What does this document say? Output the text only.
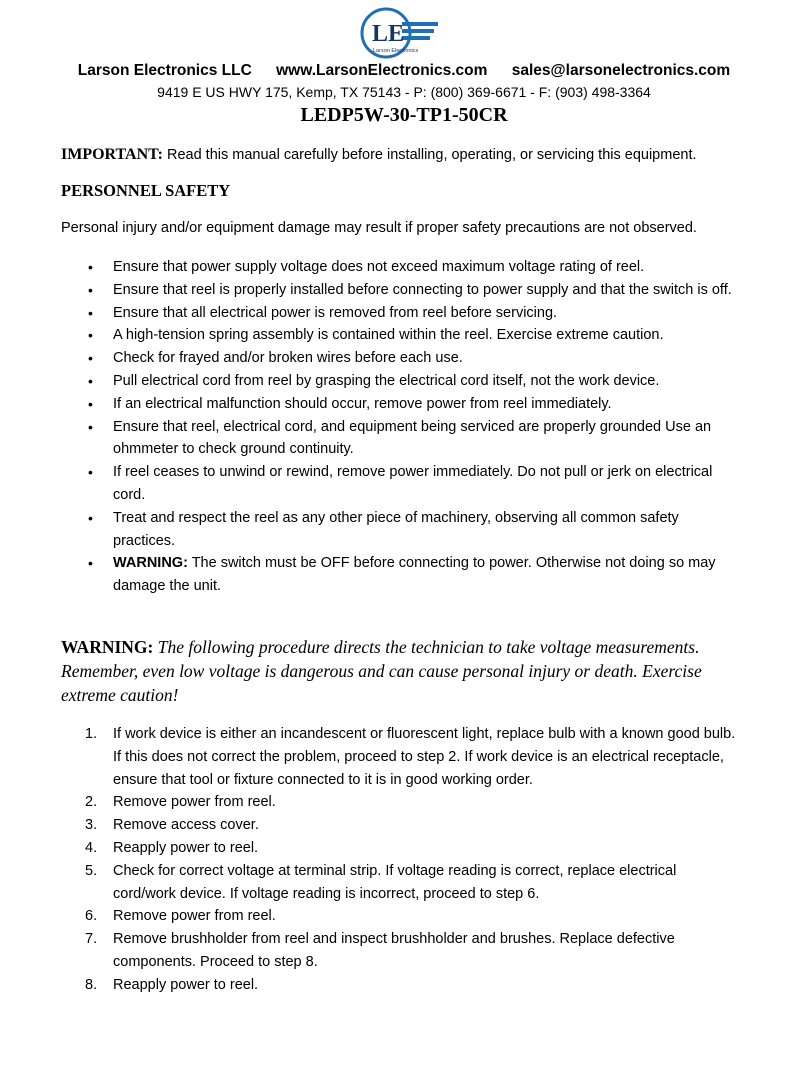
LE
Larson Electronics
Larson Electronics LLC www.LarsonElectronics.com sales@larsonelectronics.com
9419 E US HWY 175, Kemp, TX 75143 - P: (800) 369-6671 - F: (903) 498-3364
LEDP5W-30-TP1-50CR
IMPORTANT: Read this manual carefully before installing, operating, or servicing this equipment.
PERSONNEL SAFETY
Personal injury and/or equipment damage may result if proper safety precautions are not observed.
• Ensure that power supply voltage does not exceed maximum voltage rating of reel.
• Ensure that reel is properly installed before connecting to power supply and that the switch is off.
• Ensure that all electrical power is removed from reel before servicing.
• A high-tension spring assembly is contained within the reel. Exercise extreme caution.
• Check for frayed and/or broken wires before each use.
• Pull electrical cord from reel by grasping the electrical cord itself, not the work device.
• If an electrical malfunction should occur, remove power from reel immediately.
• Ensure that reel, electrical cord, and equipment being serviced are properly grounded Use an ohmmeter to check ground continuity.
• If reel ceases to unwind or rewind, remove power immediately. Do not pull or jerk on electrical cord.
• Treat and respect the reel as any other piece of machinery, observing all common safety practices.
• WARNING: The switch must be OFF before connecting to power. Otherwise not doing so may damage the unit.
WARNING: The following procedure directs the technician to take voltage measurements. Remember, even low voltage is dangerous and can cause personal injury or death. Exercise extreme caution!
1. If work device is either an incandescent or fluorescent light, replace bulb with a known good bulb. If this does not correct the problem, proceed to step 2. If work device is an electrical receptacle, ensure that tool or fixture connected to it is in good working order.
2. Remove power from reel.
3. Remove access cover.
4. Reapply power to reel.
5. Check for correct voltage at terminal strip. If voltage reading is correct, replace electrical cord/work device. If voltage reading is incorrect, proceed to step 6.
6. Remove power from reel.
7. Remove brushholder from reel and inspect brushholder and brushes. Replace defective components. Proceed to step 8.
8. Reapply power to reel.
